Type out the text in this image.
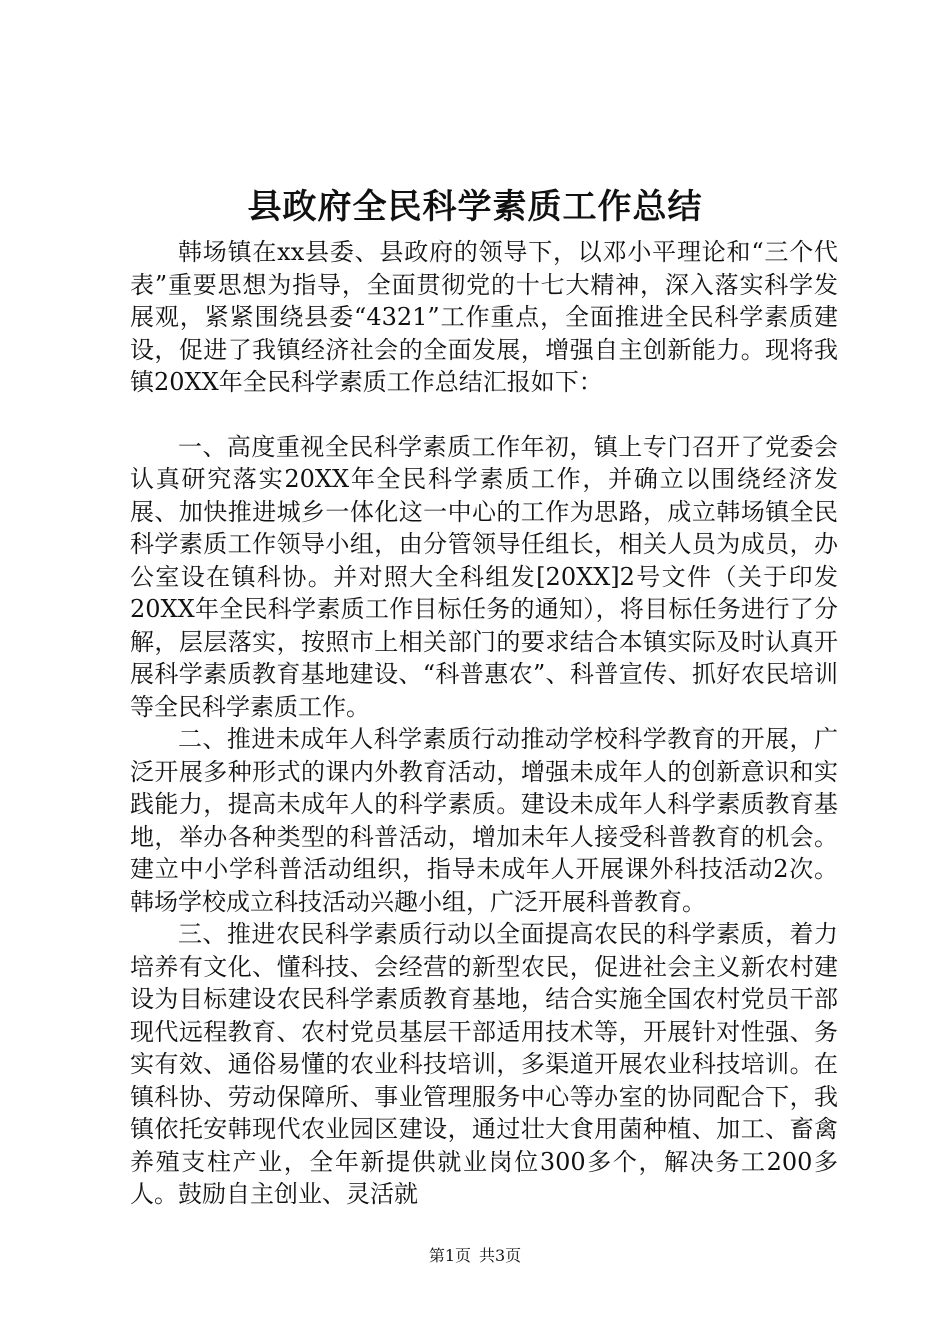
县政府全民科学素质工作总结

韩场镇在xx县委、县政府的领导下，以邓小平理论和“三个代表”重要思想为指导，全面贯彻党的十七大精神，深入落实科学发展观，紧紧围绕县委“4321”工作重点，全面推进全民科学素质建设，促进了我镇经济社会的全面发展，增强自主创新能力。现将我镇20XX年全民科学素质工作总结汇报如下：

一、高度重视全民科学素质工作年初，镇上专门召开了党委会认真研究落实20XX年全民科学素质工作，并确立以围绕经济发展、加快推进城乡一体化这一中心的工作为思路，成立韩场镇全民科学素质工作领导小组，由分管领导任组长，相关人员为成员，办公室设在镇科协。并对照大全科组发[20XX]2号文件（关于印发20XX年全民科学素质工作目标任务的通知），将目标任务进行了分解，层层落实，按照市上相关部门的要求结合本镇实际及时认真开展科学素质教育基地建设、“科普惠农”、科普宣传、抓好农民培训等全民科学素质工作。

二、推进未成年人科学素质行动推动学校科学教育的开展，广泛开展多种形式的课内外教育活动，增强未成年人的创新意识和实践能力，提高未成年人的科学素质。建设未成年人科学素质教育基地，举办各种类型的科普活动，增加未年人接受科普教育的机会。建立中小学科普活动组织，指导未成年人开展课外科技活动2次。韩场学校成立科技活动兴趣小组，广泛开展科普教育。

三、推进农民科学素质行动以全面提高农民的科学素质，着力培养有文化、懂科技、会经营的新型农民，促进社会主义新农村建设为目标建设农民科学素质教育基地，结合实施全国农村党员干部现代远程教育、农村党员基层干部适用技术等，开展针对性强、务实有效、通俗易懂的农业科技培训，多渠道开展农业科技培训。在镇科协、劳动保障所、事业管理服务中心等办室的协同配合下，我镇依托安韩现代农业园区建设，通过壮大食用菌种植、加工、畜禽养殖支柱产业，全年新提供就业岗位300多个，解决务工200多人。鼓励自主创业、灵活就

第1页 共3页
